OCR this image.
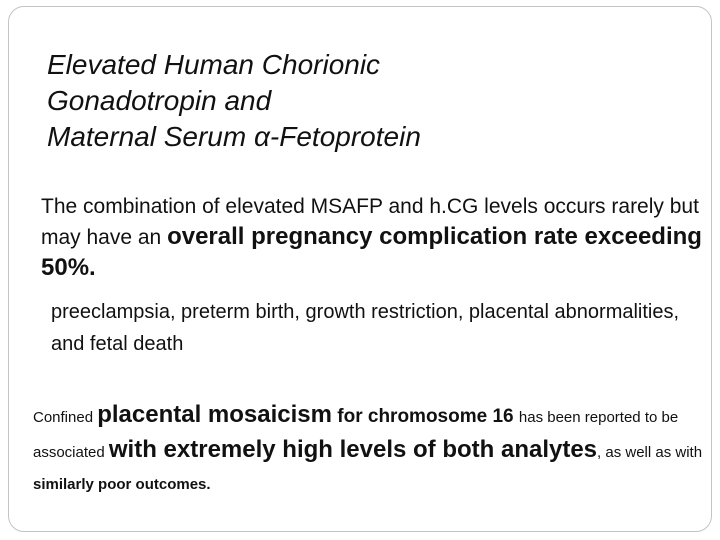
Elevated Human Chorionic
Gonadotropin and
Maternal Serum α-Fetoprotein
The combination of elevated MSAFP and h.CG levels occurs rarely but may have an overall pregnancy complication rate exceeding 50%.
preeclampsia, preterm birth, growth restriction, placental abnormalities, and fetal death
Confined placental mosaicism for chromosome 16 has been reported to be associated with extremely high levels of both analytes, as well as with similarly poor outcomes.
